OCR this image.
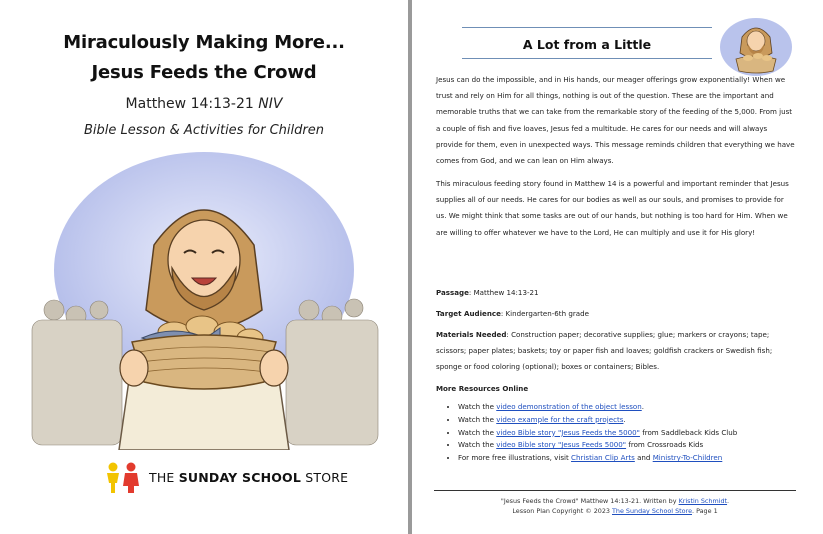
Miraculously Making More...
Jesus Feeds the Crowd
Matthew 14:13-21 NIV
Bible Lesson & Activities for Children
THE SUNDAY SCHOOL STORE
A Lot from a Little
Jesus can do the impossible, and in His hands, our meager offerings grow exponentially! When we trust and rely on Him for all things, nothing is out of the question. These are the important and memorable truths that we can take from the remarkable story of the feeding of the 5,000. From just a couple of fish and five loaves, Jesus fed a multitude. He cares for our needs and will always provide for them, even in unexpected ways. This message reminds children that everything we have comes from God, and we can lean on Him always.
This miraculous feeding story found in Matthew 14 is a powerful and important reminder that Jesus supplies all of our needs. He cares for our bodies as well as our souls, and promises to provide for us. We might think that some tasks are out of our hands, but nothing is too hard for Him. When we are willing to offer whatever we have to the Lord, He can multiply and use it for His glory!
Passage: Matthew 14:13-21
Target Audience: Kindergarten-6th grade
Materials Needed: Construction paper; decorative supplies; glue; markers or crayons; tape; scissors; paper plates; baskets; toy or paper fish and loaves; goldfish crackers or Swedish fish; sponge or food coloring (optional); boxes or containers; Bibles.
More Resources Online
• Watch the video demonstration of the object lesson.
• Watch the video example for the craft projects.
• Watch the video Bible story "Jesus Feeds the 5000" from Saddleback Kids Club
• Watch the video Bible story "Jesus Feeds 5000" from Crossroads Kids
• For more free illustrations, visit Christian Clip Arts and Ministry-To-Children
"Jesus Feeds the Crowd" Matthew 14:13-21. Written by Kristin Schmidt.
Lesson Plan Copyright © 2023 The Sunday School Store. Page 1
